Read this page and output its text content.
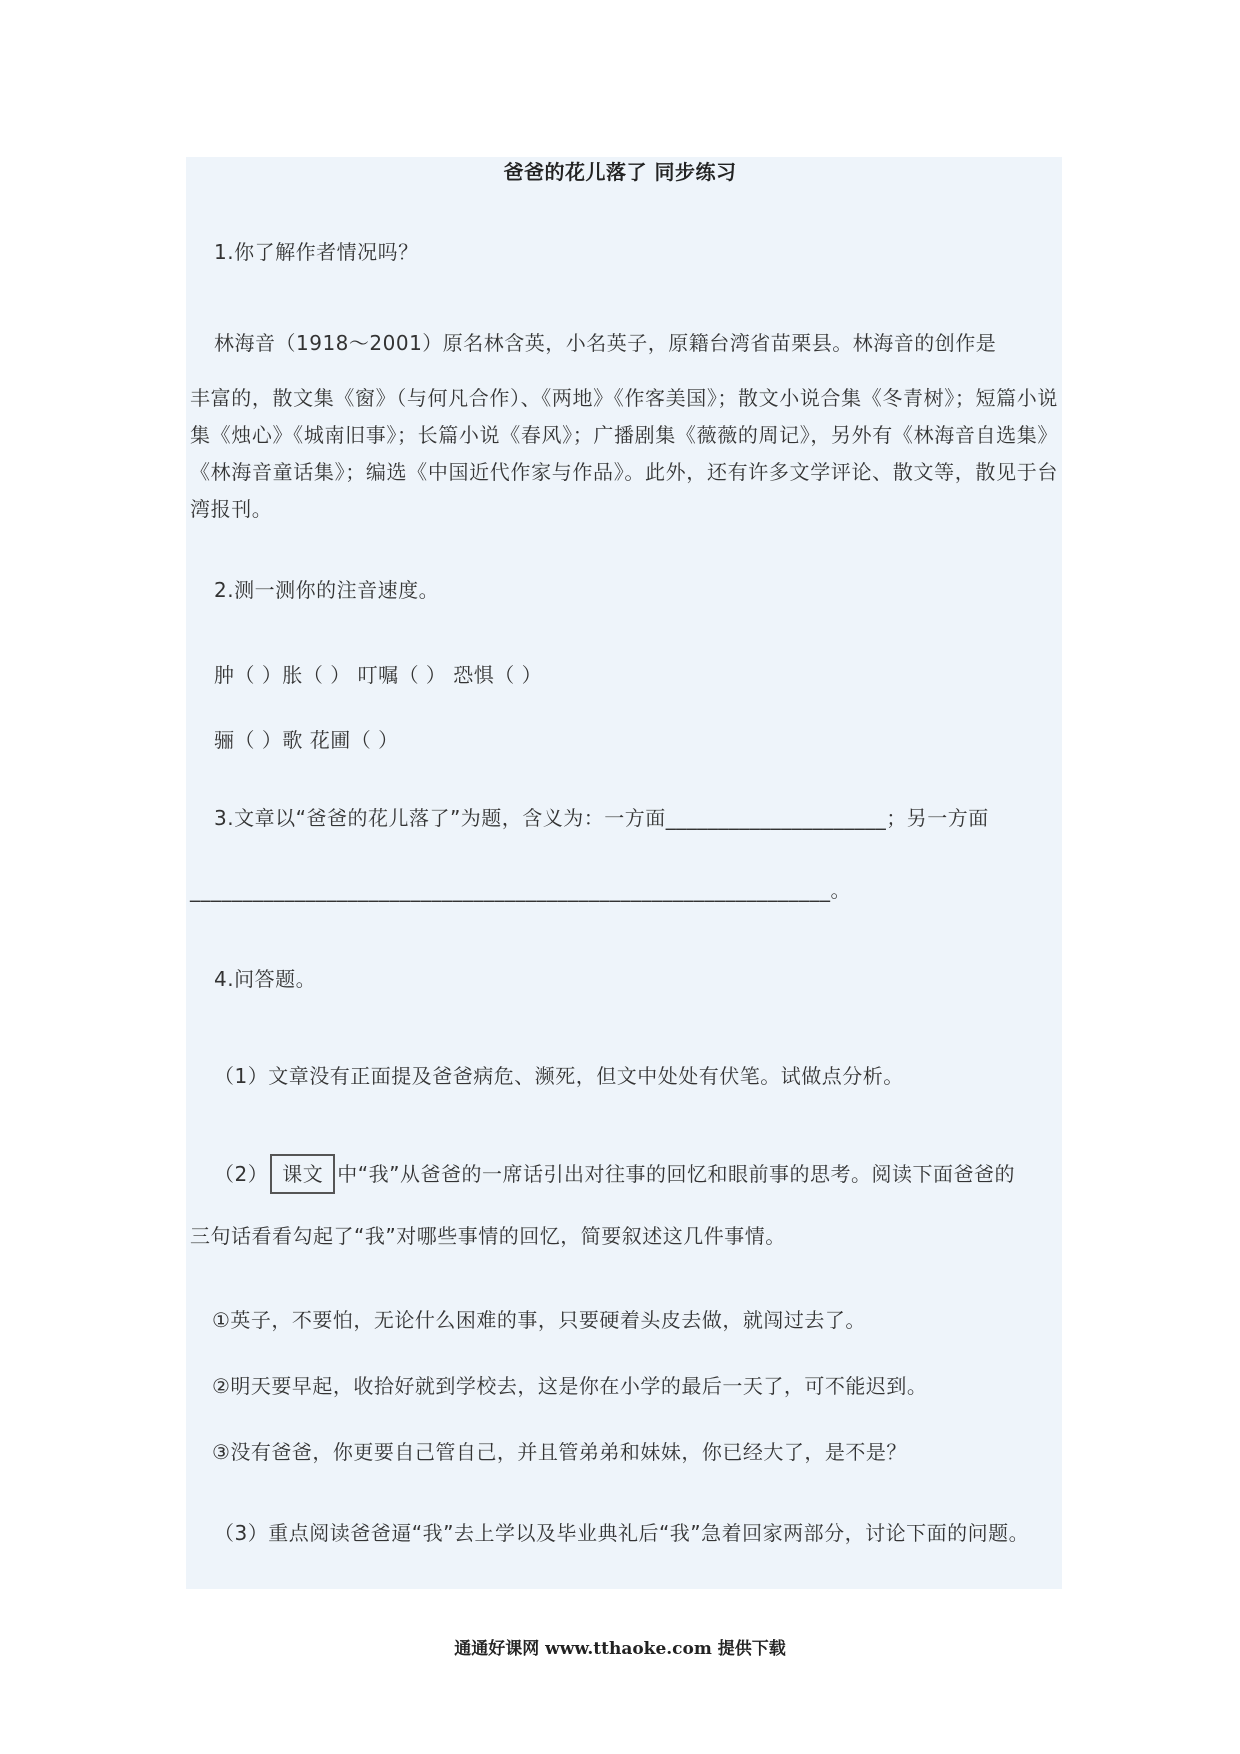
爸爸的花儿落了 同步练习
1.你了解作者情况吗？
林海音（1918～2001）原名林含英，小名英子，原籍台湾省苗栗县。林海音的创作是
丰富的，散文集《窗》（与何凡合作）、《两地》《作客美国》；散文小说合集《冬青树》；短篇小说集《烛心》《城南旧事》；长篇小说《春风》；广播剧集《薇薇的周记》，另外有《林海音自选集》《林海音童话集》；编选《中国近代作家与作品》。此外，还有许多文学评论、散文等，散见于台湾报刊。
2.测一测你的注音速度。
肿（ ）胀（ ） 叮嘱（ ） 恐惧（ ）
骊（ ）歌 花圃（ ）
3.文章以“爸爸的花儿落了”为题，含义为：一方面_____________________；另一方面
_____________________________________________________________。
4.问答题。
（1）文章没有正面提及爸爸病危、濒死，但文中处处有伏笔。试做点分析。
（2） 课文 中“我”从爸爸的一席话引出对往事的回忆和眼前事的思考。阅读下面爸爸的
三句话看看勾起了“我”对哪些事情的回忆，简要叙述这几件事情。
①英子，不要怕，无论什么困难的事，只要硬着头皮去做，就闯过去了。
②明天要早起，收拾好就到学校去，这是你在小学的最后一天了，可不能迟到。
③没有爸爸，你更要自己管自己，并且管弟弟和妹妹，你已经大了，是不是？
（3）重点阅读爸爸逼“我”去上学以及毕业典礼后“我”急着回家两部分，讨论下面的问题。
通通好课网 www.tthaoke.com 提供下载
